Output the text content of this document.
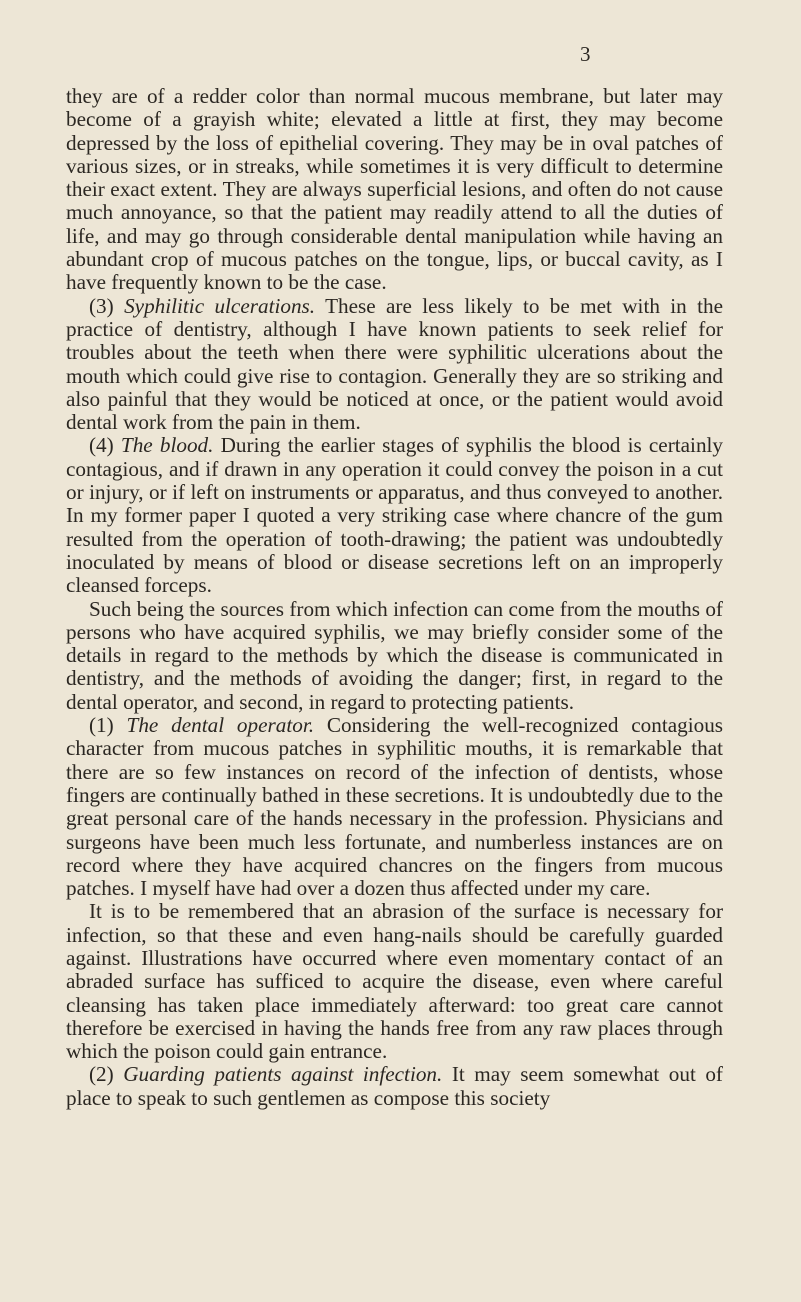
3

they are of a redder color than normal mucous membrane, but later may become of a grayish white; elevated a little at first, they may become depressed by the loss of epithelial covering. They may be in oval patches of various sizes, or in streaks, while sometimes it is very difficult to determine their exact extent. They are always superficial lesions, and often do not cause much annoyance, so that the patient may readily attend to all the duties of life, and may go through considerable dental manipulation while having an abundant crop of mucous patches on the tongue, lips, or buccal cavity, as I have frequently known to be the case.

(3) Syphilitic ulcerations. These are less likely to be met with in the practice of dentistry, although I have known patients to seek relief for troubles about the teeth when there were syphilitic ulcerations about the mouth which could give rise to contagion. Generally they are so striking and also painful that they would be noticed at once, or the patient would avoid dental work from the pain in them.

(4) The blood. During the earlier stages of syphilis the blood is certainly contagious, and if drawn in any operation it could convey the poison in a cut or injury, or if left on instruments or apparatus, and thus conveyed to another. In my former paper I quoted a very striking case where chancre of the gum resulted from the operation of tooth-drawing; the patient was undoubtedly inoculated by means of blood or disease secretions left on an improperly cleansed forceps.

Such being the sources from which infection can come from the mouths of persons who have acquired syphilis, we may briefly consider some of the details in regard to the methods by which the disease is communicated in dentistry, and the methods of avoiding the danger; first, in regard to the dental operator, and second, in regard to protecting patients.

(1) The dental operator. Considering the well-recognized contagious character from mucous patches in syphilitic mouths, it is remarkable that there are so few instances on record of the infection of dentists, whose fingers are continually bathed in these secretions. It is undoubtedly due to the great personal care of the hands necessary in the profession. Physicians and surgeons have been much less fortunate, and numberless instances are on record where they have acquired chancres on the fingers from mucous patches. I myself have had over a dozen thus affected under my care.

It is to be remembered that an abrasion of the surface is necessary for infection, so that these and even hang-nails should be carefully guarded against. Illustrations have occurred where even momentary contact of an abraded surface has sufficed to acquire the disease, even where careful cleansing has taken place immediately afterward: too great care cannot therefore be exercised in having the hands free from any raw places through which the poison could gain entrance.

(2) Guarding patients against infection. It may seem somewhat out of place to speak to such gentlemen as compose this society
